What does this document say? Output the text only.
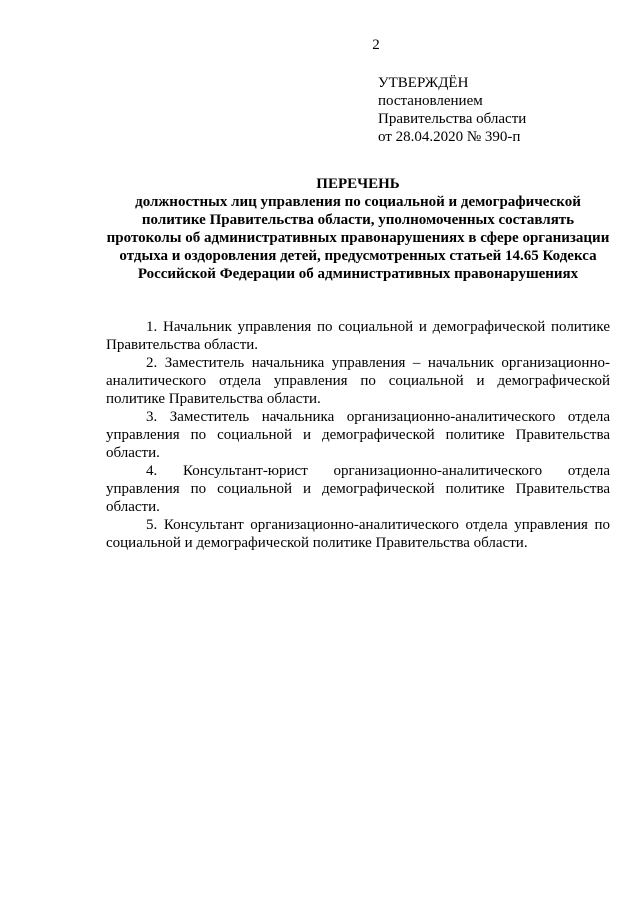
2
УТВЕРЖДЁН
постановлением
Правительства области
от 28.04.2020 № 390-п
ПЕРЕЧЕНЬ
должностных лиц управления по социальной и демографической политике Правительства области, уполномоченных составлять протоколы об административных правонарушениях в сфере организации отдыха и оздоровления детей, предусмотренных статьей 14.65 Кодекса Российской Федерации об административных правонарушениях

1. Начальник управления по социальной и демографической политике Правительства области.

2. Заместитель начальника управления – начальник организационно-аналитического отдела управления по социальной и демографической политике Правительства области.

3. Заместитель начальника организационно-аналитического отдела управления по социальной и демографической политике Правительства области.

4. Консультант-юрист организационно-аналитического отдела управления по социальной и демографической политике Правительства области.

5. Консультант организационно-аналитического отдела управления по социальной и демографической политике Правительства области.
